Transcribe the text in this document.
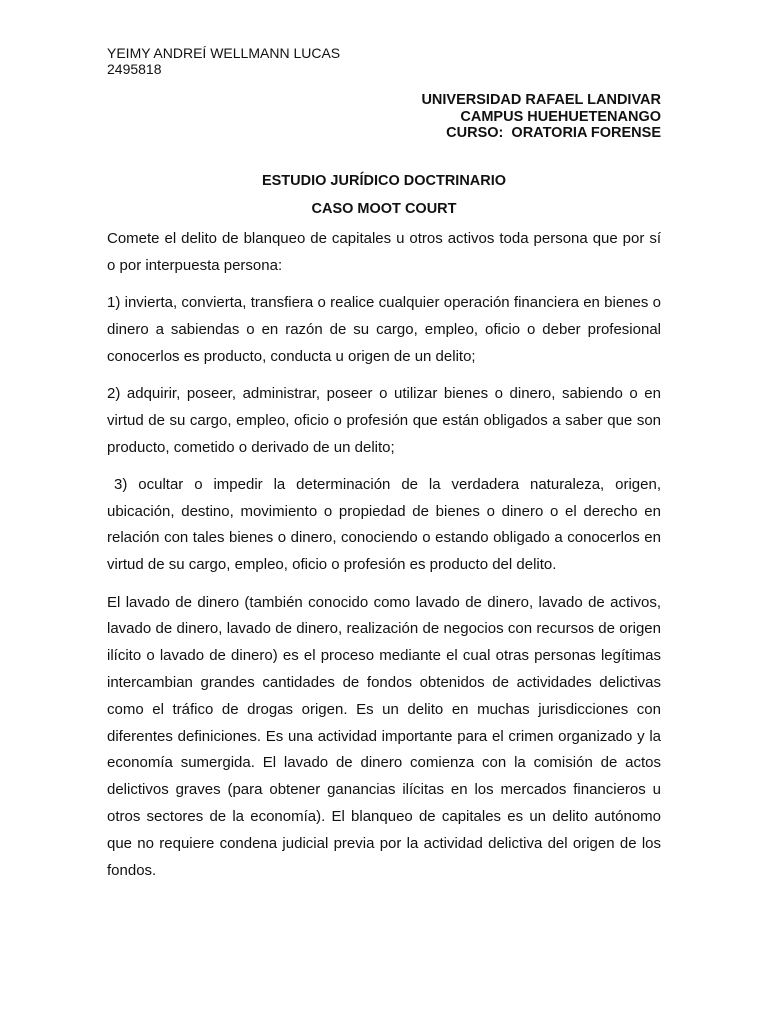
YEIMY ANDREÍ WELLMANN LUCAS
2495818
UNIVERSIDAD RAFAEL LANDIVAR
CAMPUS HUEHUETENANGO
CURSO:  ORATORIA FORENSE
ESTUDIO JURÍDICO DOCTRINARIO
CASO MOOT COURT

Comete el delito de blanqueo de capitales u otros activos toda persona que por sí o por interpuesta persona:

1) invierta, convierta, transfiera o realice cualquier operación financiera en bienes o dinero a sabiendas o en razón de su cargo, empleo, oficio o deber profesional conocerlos es producto, conducta u origen de un delito;

2) adquirir, poseer, administrar, poseer o utilizar bienes o dinero, sabiendo o en virtud de su cargo, empleo, oficio o profesión que están obligados a saber que son producto, cometido o derivado de un delito;

3) ocultar o impedir la determinación de la verdadera naturaleza, origen, ubicación, destino, movimiento o propiedad de bienes o dinero o el derecho en relación con tales bienes o dinero, conociendo o estando obligado a conocerlos en virtud de su cargo, empleo, oficio o profesión es producto del delito.

El lavado de dinero (también conocido como lavado de dinero, lavado de activos, lavado de dinero, lavado de dinero, realización de negocios con recursos de origen ilícito o lavado de dinero) es el proceso mediante el cual otras personas legítimas intercambian grandes cantidades de fondos obtenidos de actividades delictivas como el tráfico de drogas origen. Es un delito en muchas jurisdicciones con diferentes definiciones. Es una actividad importante para el crimen organizado y la economía sumergida. El lavado de dinero comienza con la comisión de actos delictivos graves (para obtener ganancias ilícitas en los mercados financieros u otros sectores de la economía). El blanqueo de capitales es un delito autónomo que no requiere condena judicial previa por la actividad delictiva del origen de los fondos.
